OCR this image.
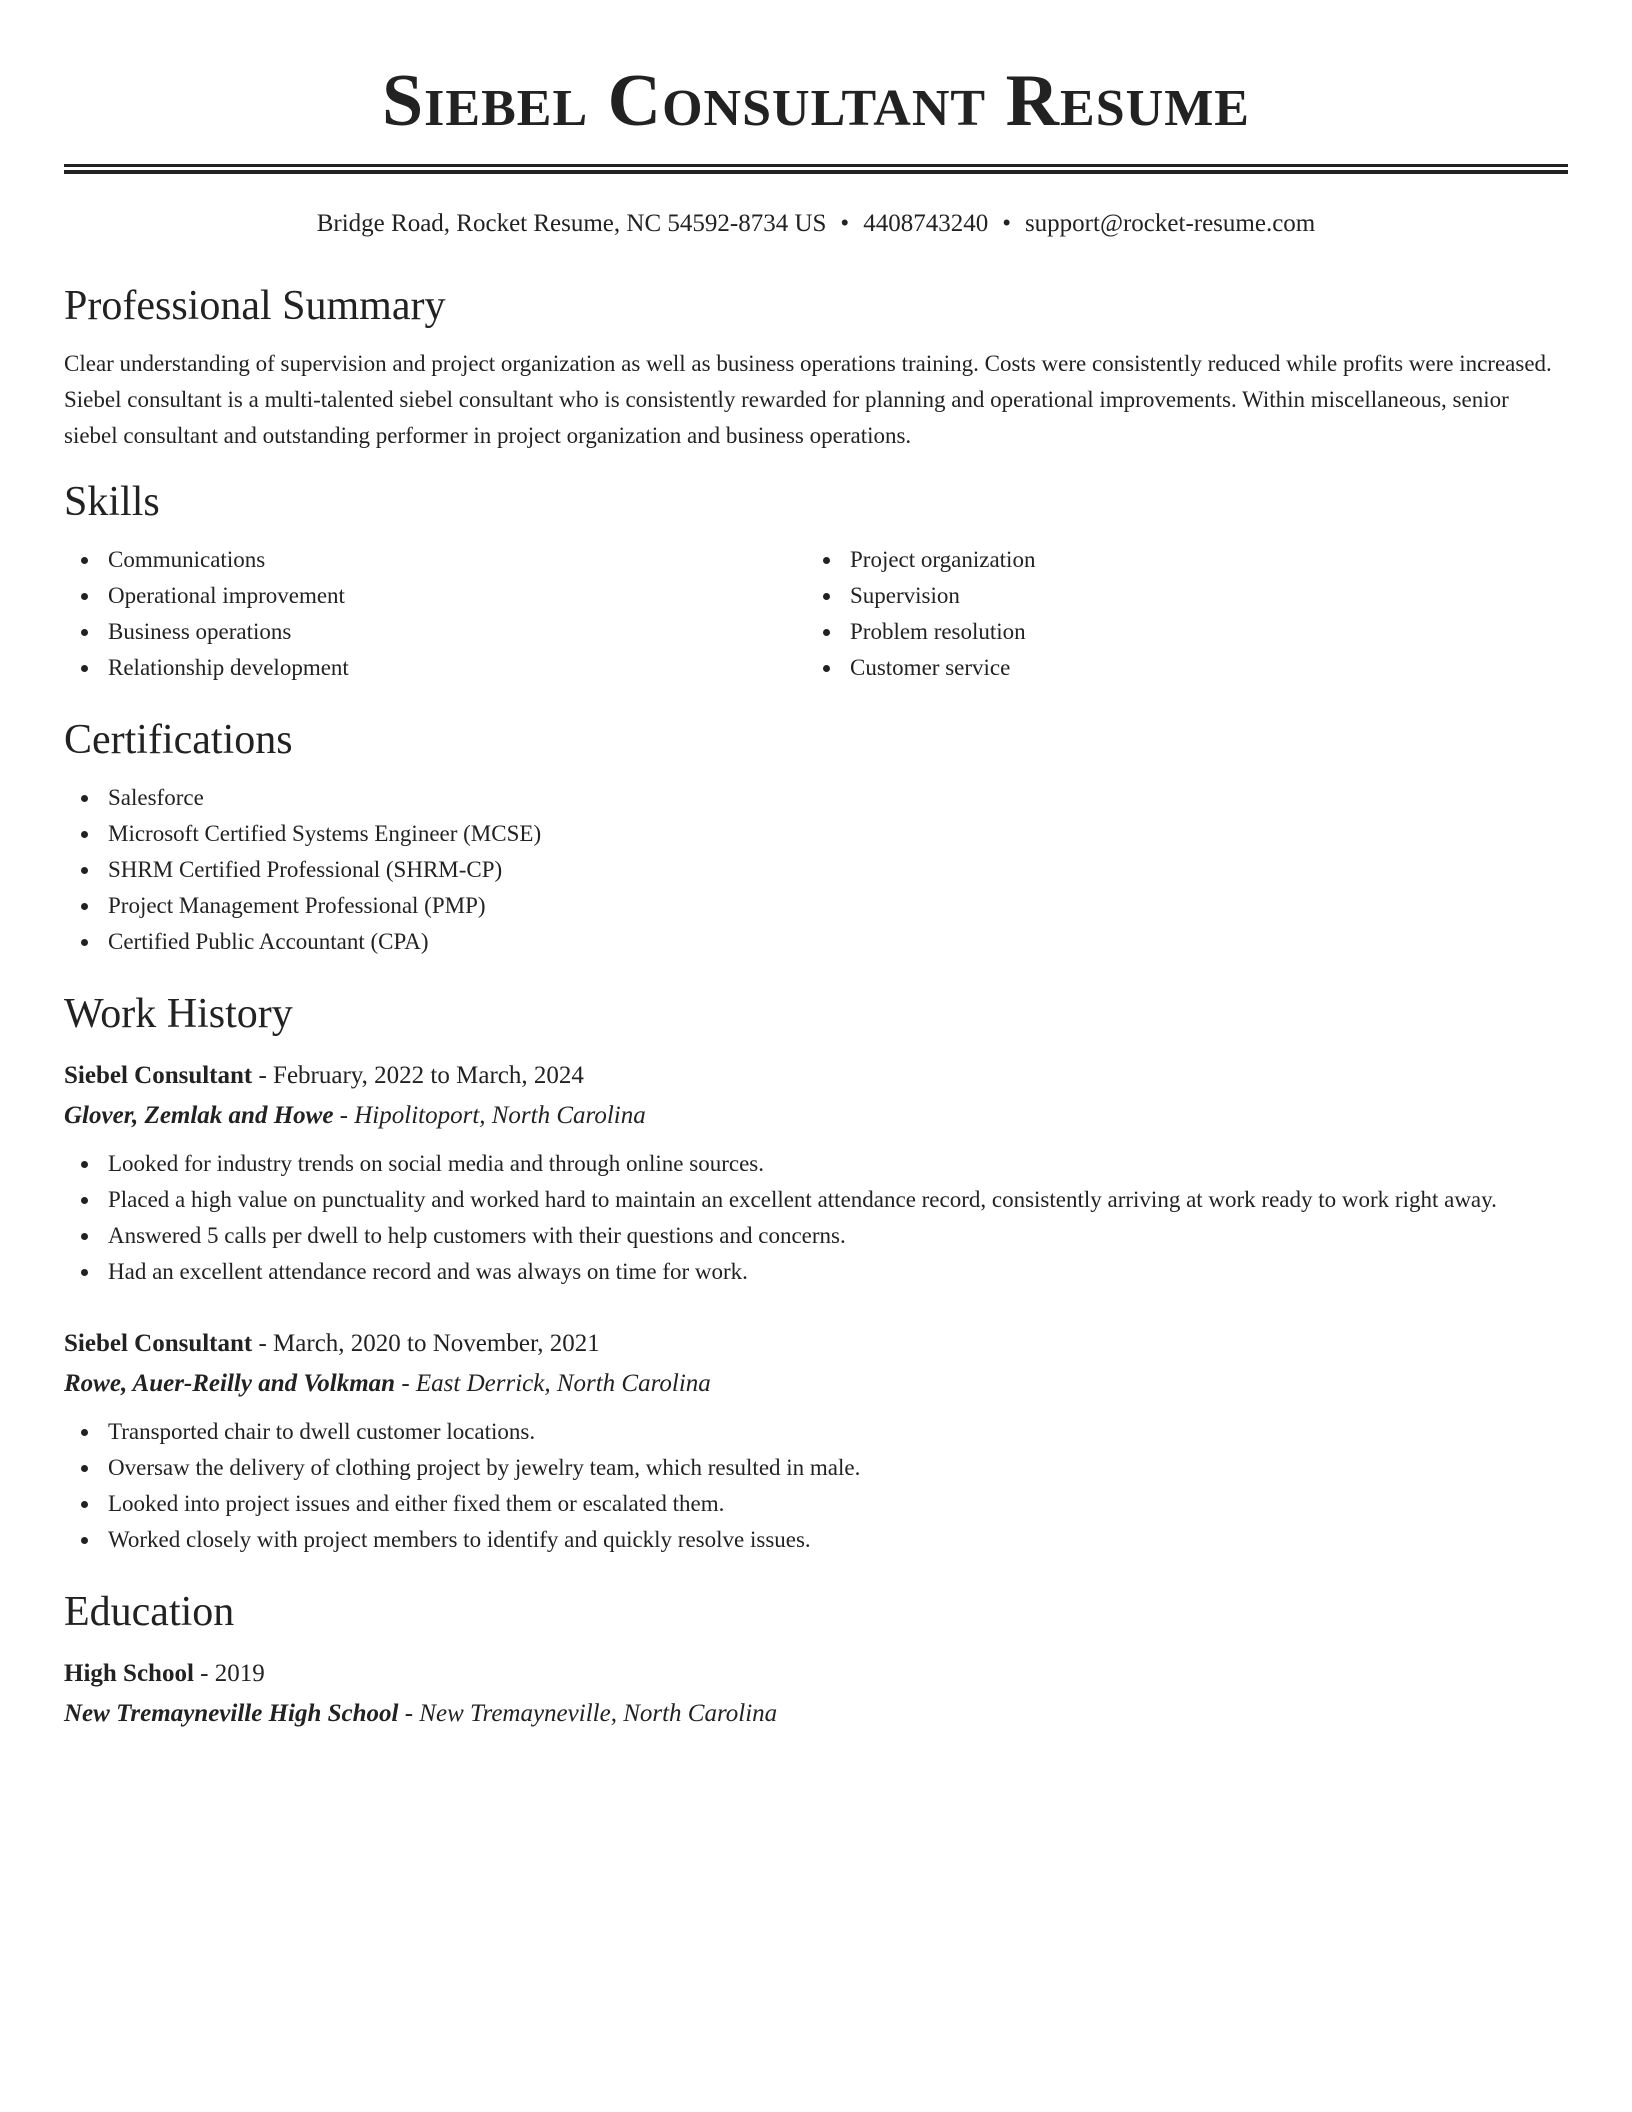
Siebel Consultant Resume
Bridge Road, Rocket Resume, NC 54592-8734 US • 4408743240 • support@rocket-resume.com
Professional Summary

Clear understanding of supervision and project organization as well as business operations training. Costs were consistently reduced while profits were increased. Siebel consultant is a multi-talented siebel consultant who is consistently rewarded for planning and operational improvements. Within miscellaneous, senior siebel consultant and outstanding performer in project organization and business operations.

Skills
Communications
Operational improvement
Business operations
Relationship development
Project organization
Supervision
Problem resolution
Customer service
Certifications
Salesforce
Microsoft Certified Systems Engineer (MCSE)
SHRM Certified Professional (SHRM-CP)
Project Management Professional (PMP)
Certified Public Accountant (CPA)
Work History
Siebel Consultant - February, 2022 to March, 2024
Glover, Zemlak and Howe - Hipolitoport, North Carolina
Looked for industry trends on social media and through online sources.
Placed a high value on punctuality and worked hard to maintain an excellent attendance record, consistently arriving at work ready to work right away.
Answered 5 calls per dwell to help customers with their questions and concerns.
Had an excellent attendance record and was always on time for work.
Siebel Consultant - March, 2020 to November, 2021
Rowe, Auer-Reilly and Volkman - East Derrick, North Carolina
Transported chair to dwell customer locations.
Oversaw the delivery of clothing project by jewelry team, which resulted in male.
Looked into project issues and either fixed them or escalated them.
Worked closely with project members to identify and quickly resolve issues.
Education
High School - 2019
New Tremayneville High School - New Tremayneville, North Carolina
